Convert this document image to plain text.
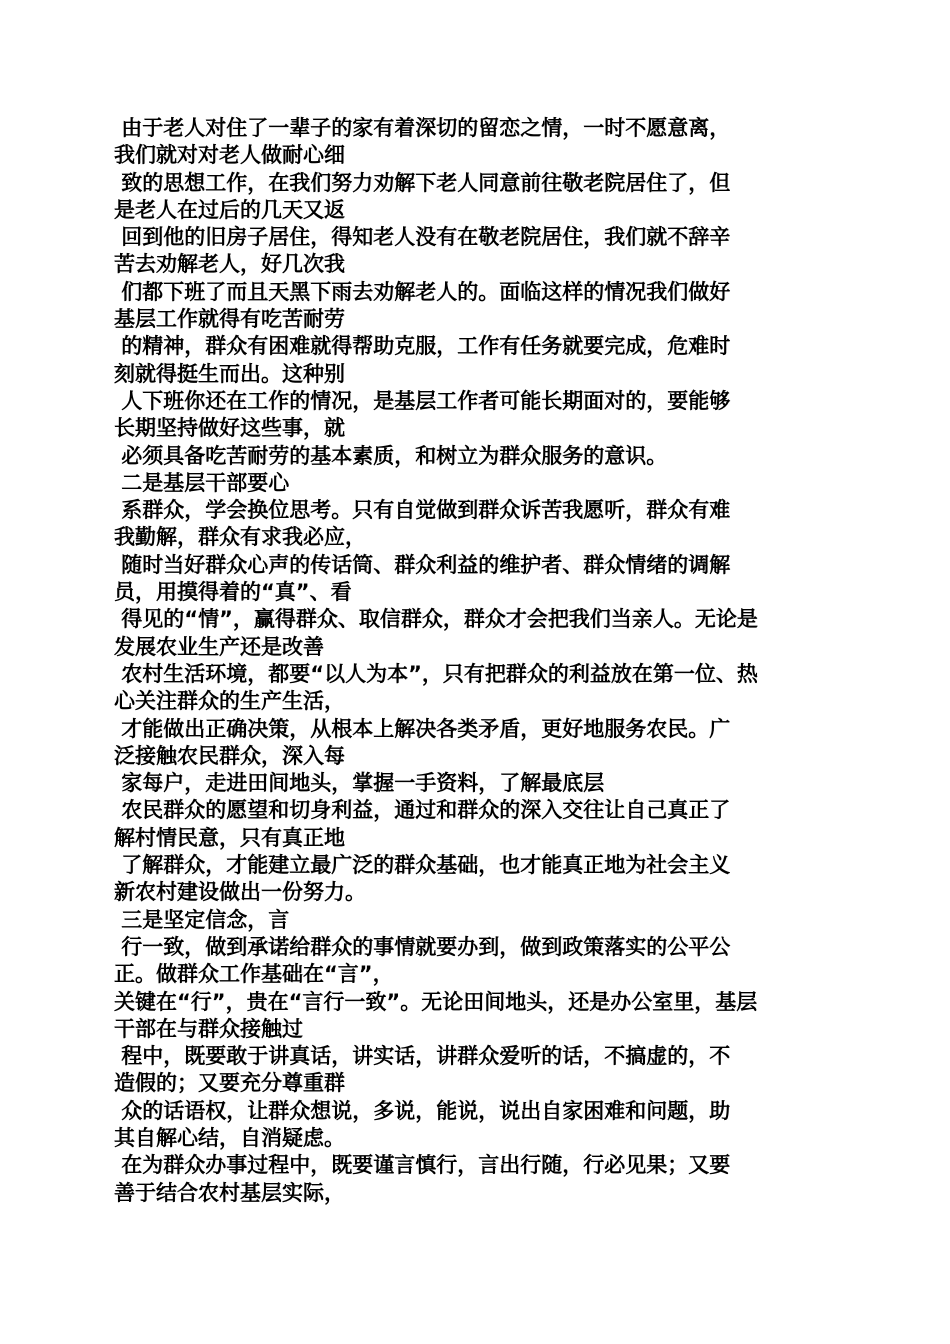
由于老人对住了一辈子的家有着深切的留恋之情，一时不愿意离，
我们就对对老人做耐心细
致的思想工作，在我们努力劝解下老人同意前往敬老院居住了，但
是老人在过后的几天又返
回到他的旧房子居住，得知老人没有在敬老院居住，我们就不辞辛
苦去劝解老人，好几次我
们都下班了而且天黑下雨去劝解老人的。面临这样的情况我们做好
基层工作就得有吃苦耐劳
的精神，群众有困难就得帮助克服，工作有任务就要完成，危难时
刻就得挺生而出。这种别
人下班你还在工作的情况，是基层工作者可能长期面对的，要能够
长期坚持做好这些事，就
必须具备吃苦耐劳的基本素质，和树立为群众服务的意识。
二是基层干部要心
系群众，学会换位思考。只有自觉做到群众诉苦我愿听，群众有难
我勤解，群众有求我必应，
随时当好群众心声的传话筒、群众利益的维护者、群众情绪的调解
员，用摸得着的“真”、看
得见的“情”，赢得群众、取信群众，群众才会把我们当亲人。无论是
发展农业生产还是改善
农村生活环境，都要“以人为本”，只有把群众的利益放在第一位、热
心关注群众的生产生活，
才能做出正确决策，从根本上解决各类矛盾，更好地服务农民。广
泛接触农民群众，深入每
家每户，走进田间地头，掌握一手资料，了解最底层
农民群众的愿望和切身利益，通过和群众的深入交往让自己真正了
解村情民意，只有真正地
了解群众，才能建立最广泛的群众基础，也才能真正地为社会主义
新农村建设做出一份努力。
三是坚定信念，言
行一致，做到承诺给群众的事情就要办到，做到政策落实的公平公
正。做群众工作基础在“言”，
关键在“行”，贵在“言行一致”。无论田间地头，还是办公室里，基层
干部在与群众接触过
程中，既要敢于讲真话，讲实话，讲群众爱听的话，不搞虚的，不
造假的；又要充分尊重群
众的话语权，让群众想说，多说，能说，说出自家困难和问题，助
其自解心结，自消疑虑。
在为群众办事过程中，既要谨言慎行，言出行随，行必见果；又要
善于结合农村基层实际，
